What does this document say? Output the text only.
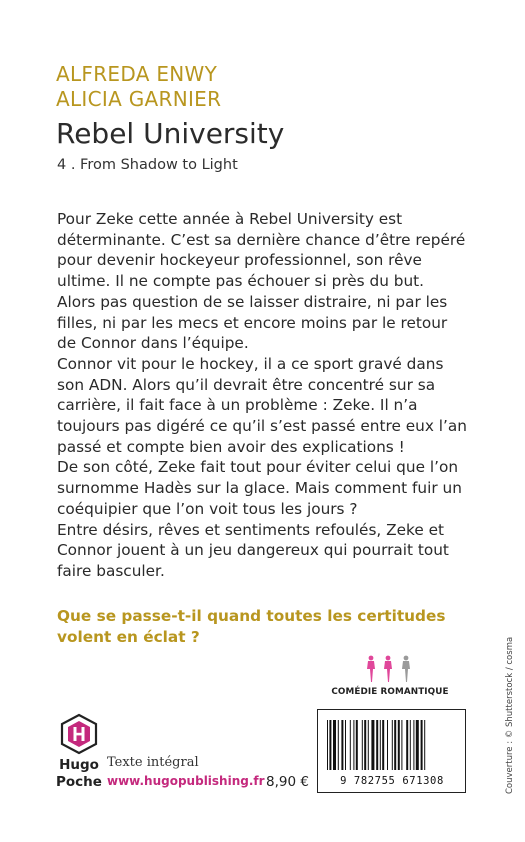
ALFREDA ENWY
ALICIA GARNIER
Rebel University
4 . From Shadow to Light

Pour Zeke cette année à Rebel University est déterminante. C’est sa dernière chance d’être repéré pour devenir hockeyeur professionnel, son rêve ultime. Il ne compte pas échouer si près du but. Alors pas question de se laisser distraire, ni par les filles, ni par les mecs et encore moins par le retour de Connor dans l’équipe.

Connor vit pour le hockey, il a ce sport gravé dans son ADN. Alors qu’il devrait être concentré sur sa carrière, il fait face à un problème : Zeke. Il n’a toujours pas digéré ce qu’il s’est passé entre eux l’an passé et compte bien avoir des explications !

De son côté, Zeke fait tout pour éviter celui que l’on surnomme Hadès sur la glace. Mais comment fuir un coéquipier que l’on voit tous les jours ?

Entre désirs, rêves et sentiments refoulés, Zeke et Connor jouent à un jeu dangereux qui pourrait tout faire basculer.

Que se passe-t-il quand toutes les certitudes volent en éclat ?
COMÉDIE ROMANTIQUE
9 782755 671308
Hugo
Poche
Texte intégral
www.hugopublishing.fr 8,90 €	Couverture : © Shutterstock / cosma
